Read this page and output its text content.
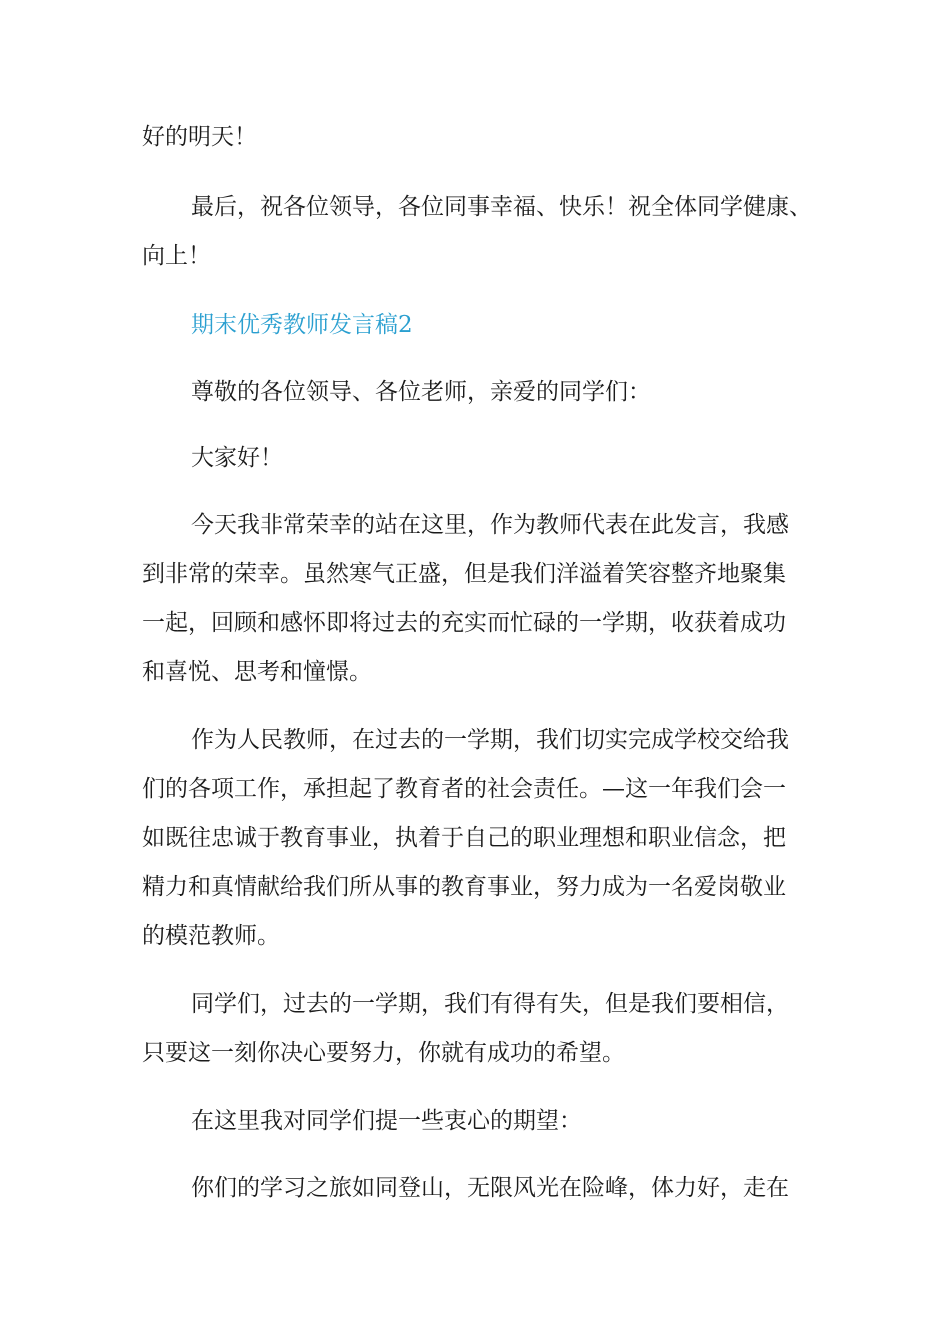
好的明天！
最后，祝各位领导，各位同事幸福、快乐！祝全体同学健康、
向上！
期末优秀教师发言稿2
尊敬的各位领导、各位老师，亲爱的同学们：
大家好！
今天我非常荣幸的站在这里，作为教师代表在此发言，我感
到非常的荣幸。虽然寒气正盛，但是我们洋溢着笑容整齐地聚集
一起，回顾和感怀即将过去的充实而忙碌的一学期，收获着成功
和喜悦、思考和憧憬。
作为人民教师，在过去的一学期，我们切实完成学校交给我
们的各项工作，承担起了教育者的社会责任。—这一年我们会一
如既往忠诚于教育事业，执着于自己的职业理想和职业信念，把
精力和真情献给我们所从事的教育事业，努力成为一名爱岗敬业
的模范教师。
同学们，过去的一学期，我们有得有失，但是我们要相信，
只要这一刻你决心要努力，你就有成功的希望。
在这里我对同学们提一些衷心的期望：
你们的学习之旅如同登山，无限风光在险峰，体力好，走在
